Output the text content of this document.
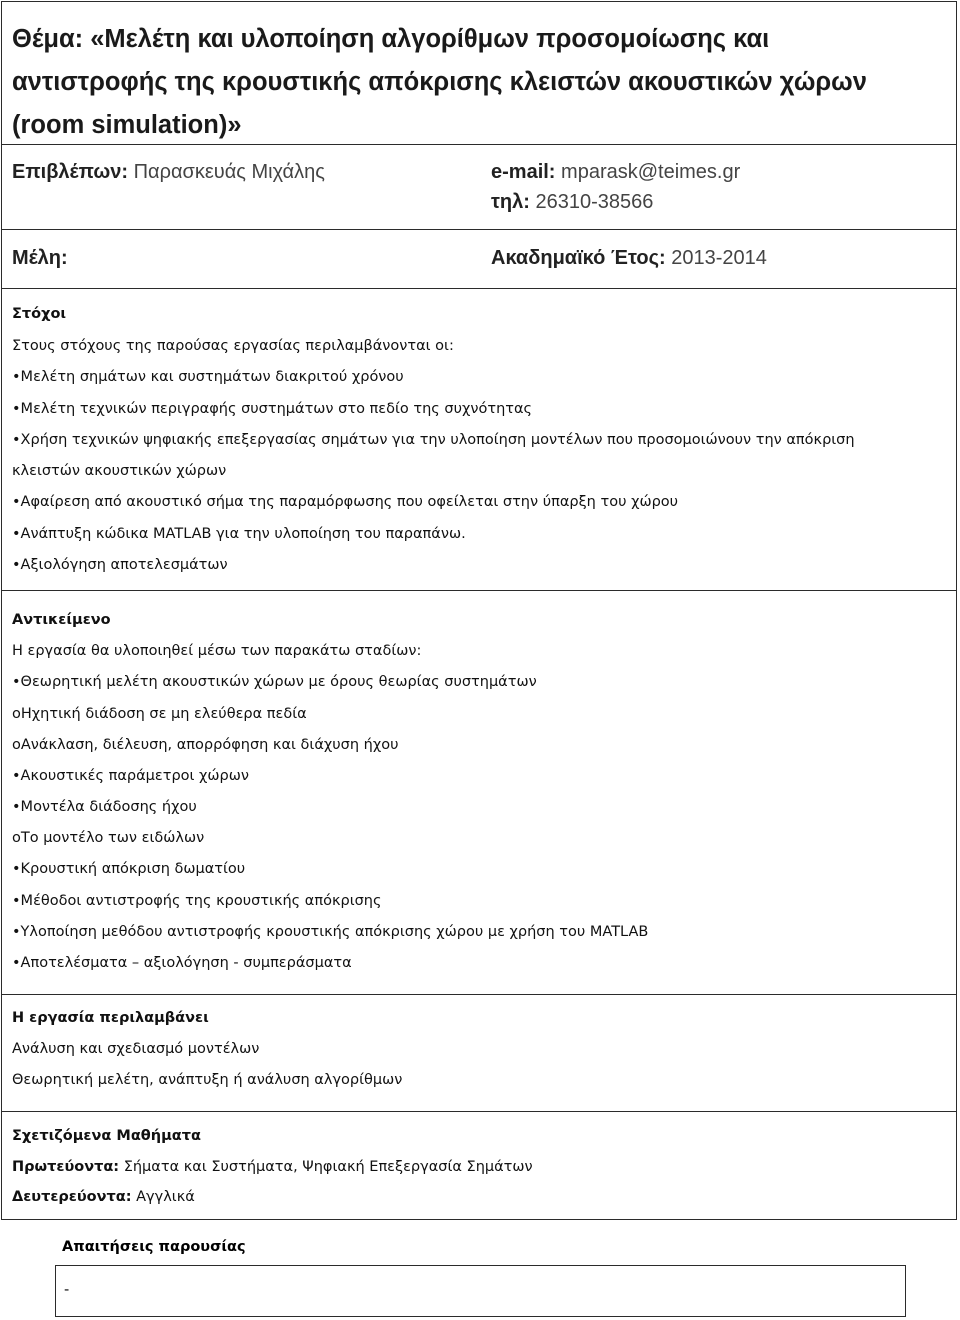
Θέμα: «Μελέτη και υλοποίηση αλγορίθμων προσομοίωσης και
αντιστροφής της κρουστικής απόκρισης κλειστών ακουστικών χώρων
(room simulation)»
Επιβλέπων: Παρασκευάς Μιχάλης	e-mail: mparask@teimes.gr
τηλ: 26310-38566
Μέλη:	Ακαδημαϊκό Έτος: 2013-2014
Στόχοι
Στους στόχους της παρούσας εργασίας περιλαμβάνονται οι:
•Μελέτη σημάτων και συστημάτων διακριτού χρόνου
•Μελέτη τεχνικών περιγραφής συστημάτων στο πεδίο της συχνότητας
•Χρήση τεχνικών ψηφιακής επεξεργασίας σημάτων για την υλοποίηση μοντέλων που προσομοιώνουν την απόκριση
κλειστών ακουστικών χώρων
•Αφαίρεση από ακουστικό σήμα της παραμόρφωσης που οφείλεται στην ύπαρξη του χώρου
•Ανάπτυξη κώδικα MATLAB για την υλοποίηση του παραπάνω.
•Αξιολόγηση αποτελεσμάτων
Αντικείμενο
Η εργασία θα υλοποιηθεί μέσω των παρακάτω σταδίων:
•Θεωρητική μελέτη ακουστικών χώρων με όρους θεωρίας συστημάτων
oΗχητική διάδοση σε μη ελεύθερα πεδία
oΑνάκλαση, διέλευση, απορρόφηση και διάχυση ήχου
•Ακουστικές παράμετροι χώρων
•Μοντέλα διάδοσης ήχου
oΤο μοντέλο των ειδώλων
•Κρουστική απόκριση δωματίου
•Μέθοδοι αντιστροφής της κρουστικής απόκρισης
•Υλοποίηση μεθόδου αντιστροφής κρουστικής απόκρισης χώρου με χρήση του MATLAB
•Αποτελέσματα – αξιολόγηση - συμπεράσματα
Η εργασία περιλαμβάνει
Ανάλυση και σχεδιασμό μοντέλων
Θεωρητική μελέτη, ανάπτυξη ή ανάλυση αλγορίθμων
Σχετιζόμενα Μαθήματα
Πρωτεύοντα: Σήματα και Συστήματα, Ψηφιακή Επεξεργασία Σημάτων
Δευτερεύοντα: Αγγλικά
Απαιτήσεις παρουσίας
-
